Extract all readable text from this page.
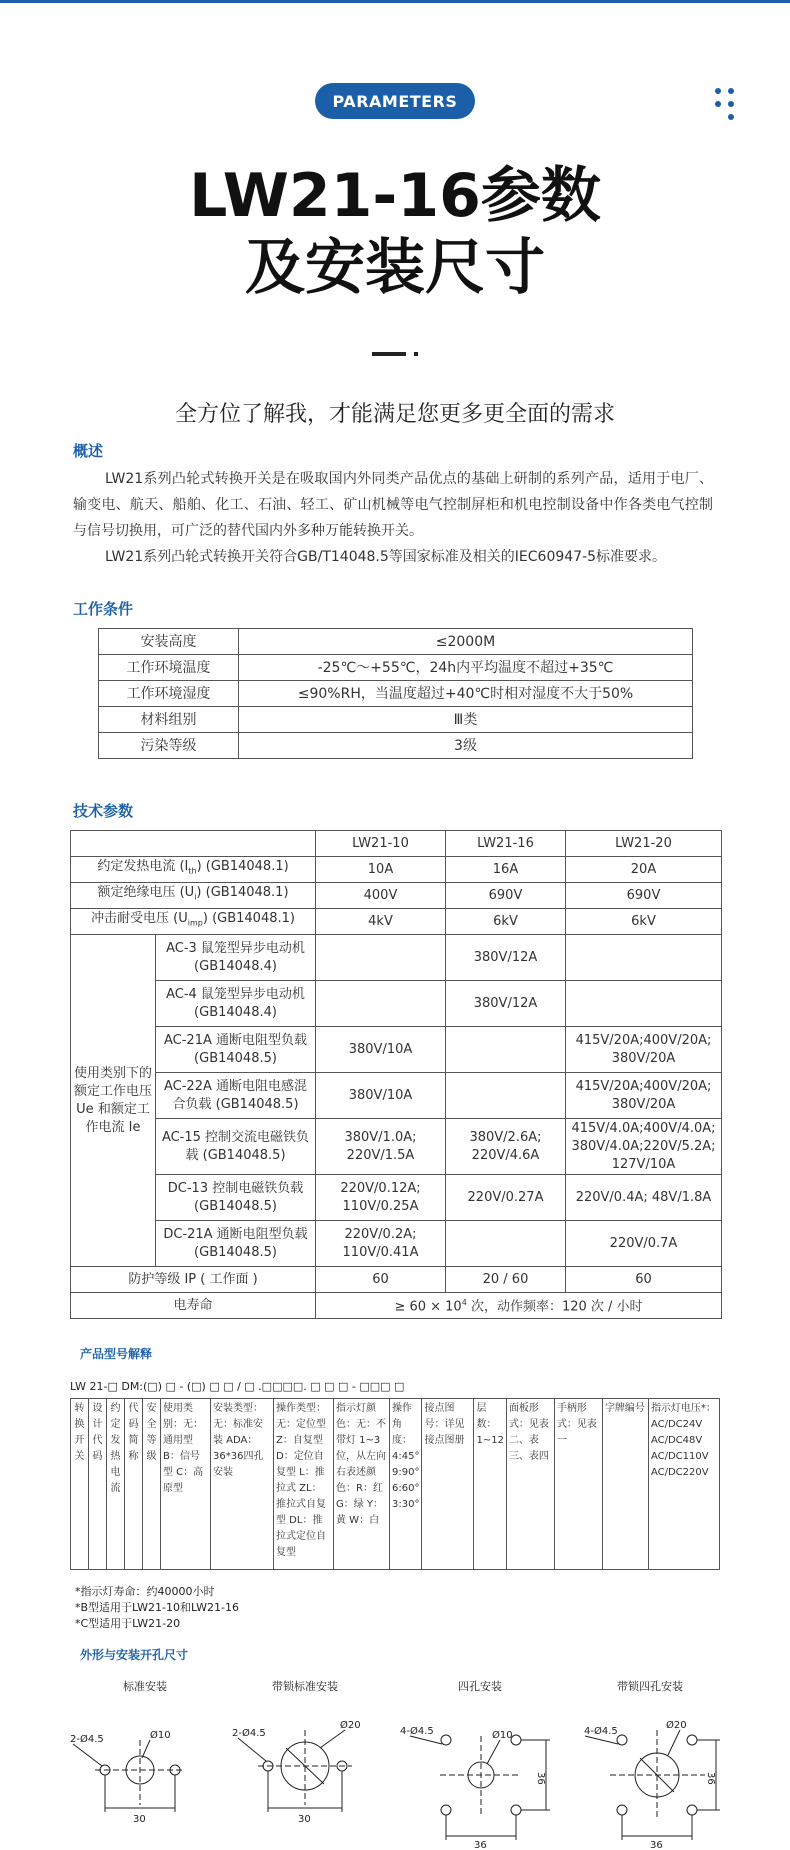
PARAMETERS
LW21-16参数
及安装尺寸
全方位了解我，才能满足您更多更全面的需求
概述
LW21系列凸轮式转换开关是在吸取国内外同类产品优点的基础上研制的系列产品，适用于电厂、输变电、航天、船舶、化工、石油、轻工、矿山机械等电气控制屏柜和机电控制设备中作各类电气控制与信号切换用，可广泛的替代国内外多种万能转换开关。
LW21系列凸轮式转换开关符合GB/T14048.5等国家标准及相关的IEC60947-5标准要求。
工作条件
安装高度	≤2000M
工作环境温度	-25℃～+55℃，24h内平均温度不超过+35℃
工作环境湿度	≤90%RH，当温度超过+40℃时相对湿度不大于50%
材料组别	Ⅲ类
污染等级	3级
技术参数
		LW21-10	LW21-16	LW21-20
约定发热电流 $(I_{th})$ (GB14048.1)		10A	16A	20A
额定绝缘电压 $(U_i)$ (GB14048.1)		400V	690V	690V
冲击耐受电压 $(U_{imp})$ (GB14048.1)		4kV	6kV	6kV
使用类别下的额定工作电压 Ue 和额定工作电流 Ie	AC-3 鼠笼型异步电动机 (GB14048.4)		380V/12A	
	AC-4 鼠笼型异步电动机 (GB14048.4)		380V/12A	
	AC-21A 通断电阻型负载 (GB14048.5)	380V/10A		415V/20A;400V/20A; 380V/20A
	AC-22A 通断电阻电感混合负载 (GB14048.5)	380V/10A		415V/20A;400V/20A; 380V/20A
	AC-15 控制交流电磁铁负载 (GB14048.5)	380V/1.0A; 220V/1.5A	380V/2.6A; 220V/4.6A	415V/4.0A;400V/4.0A; 380V/4.0A;220V/5.2A; 127V/10A
	DC-13 控制电磁铁负载 (GB14048.5)	220V/0.12A; 110V/0.25A	220V/0.27A	220V/0.4A; 48V/1.8A
	DC-21A 通断电阻型负载 (GB14048.5)	220V/0.2A; 110V/0.41A		220V/0.7A
防护等级 IP ( 工作面 )		60	20 / 60	60
电寿命		≥ $60 \times 10^4$ 次，动作频率：120 次 / 小时		
产品型号解释
LW 21-□ DM:(□) □ - (□) □ □ / □ .□□□□. □ □ □ - □□□ □
转换开关	设计代码	约定发热电流	代码简称	安全等级	使用类别：无：通用型 B：信号型 C：高原型	安装类型：无：标准安装 ADA：36*36四孔安装	操作类型：无：定位型 Z：自复型 D：定位自复型 L：推拉式 ZL：推拉式自复型 DL：推拉式定位自复型	指示灯颜色：无：不带灯 1~3位，从左向右表述颜色：R：红 G：绿 Y：黄 W：白	操作角度：4:45° 9:90° 6:60° 3:30°	接点图号：详见接点图册	层数：1~12	面板形式：见表二、表三、表四	手柄形式：见表一	字牌编号	指示灯电压*：AC/DC24V AC/DC48V AC/DC110V AC/DC220V
*指示灯寿命：约40000小时
*B型适用于LW21-10和LW21-16
*C型适用于LW21-20
外形与安装开孔尺寸
标准安装	带锁标准安装	四孔安装	带锁四孔安装
2-Ø4.5	Ø10
30
2-Ø4.5
Ø20
30
4-Ø4.5	Ø10
36
36
4-Ø4.5
Ø20
36
36
